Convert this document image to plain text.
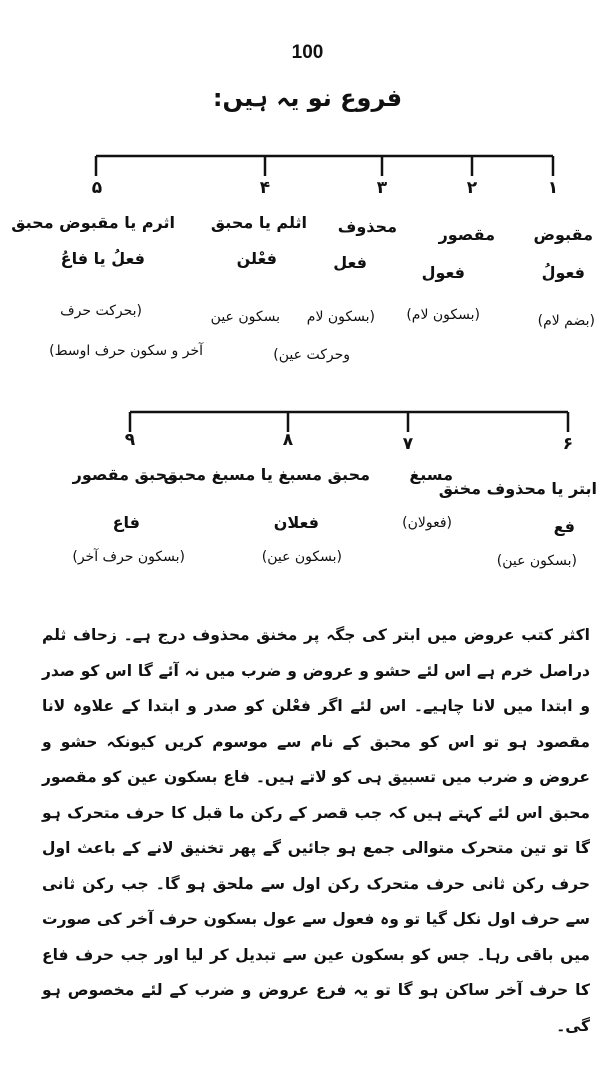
100
فروع نو یہ ہیں:
۱
۲
۳
۴
۵
مقبوض
مقصور
محذوف
اثلم یا محبق
اثرم یا مقبوض محبق
فعولُ
فعول
فعل
فعْلن
فعلُ یا فاعُ
(بضم لام)
(بسکون لام)
(بسکون لام
وحرکت عین)
بسکون عین
(بحرکت حرف
آخر و سکون حرف اوسط)
۶
۷
۸
۹
ابتر یا محذوف مخنق
مسبغ
محبق مسبغ یا مسبغ محبق
محبق مقصور
فع
(فعولان)
فعلان
فاع
(بسکون عین)
(بسکون عین)
(بسکون حرف آخر)

اکثر کتب عروض میں ابتر کی جگہ پر مخنق محذوف درج ہے۔ زحاف ثلم دراصل خرم ہے اس لئے حشو و عروض و ضرب میں نہ آئے گا اس کو صدر و ابتدا میں لانا چاہیے۔ اس لئے اگر فعْلن کو صدر و ابتدا کے علاوہ لانا مقصود ہو تو اس کو محبق کے نام سے موسوم کریں کیونکہ حشو و عروض و ضرب میں تسبیق ہی کو لاتے ہیں۔ فاع بسکون عین کو مقصور محبق اس لئے کہتے ہیں کہ جب قصر کے رکن ما قبل کا حرف متحرک ہو گا تو تین متحرک متوالی جمع ہو جائیں گے پھر تخنیق لانے کے باعث اول حرف رکن ثانی حرف متحرک رکن اول سے ملحق ہو گا۔ جب رکن ثانی سے حرف اول نکل گیا تو وہ فعول سے عول بسکون حرف آخر کی صورت میں باقی رہا۔ جس کو بسکون عین سے تبدیل کر لیا اور جب حرف فاع کا حرف آخر ساکن ہو گا تو یہ فرع عروض و ضرب کے لئے مخصوص ہو گی۔
